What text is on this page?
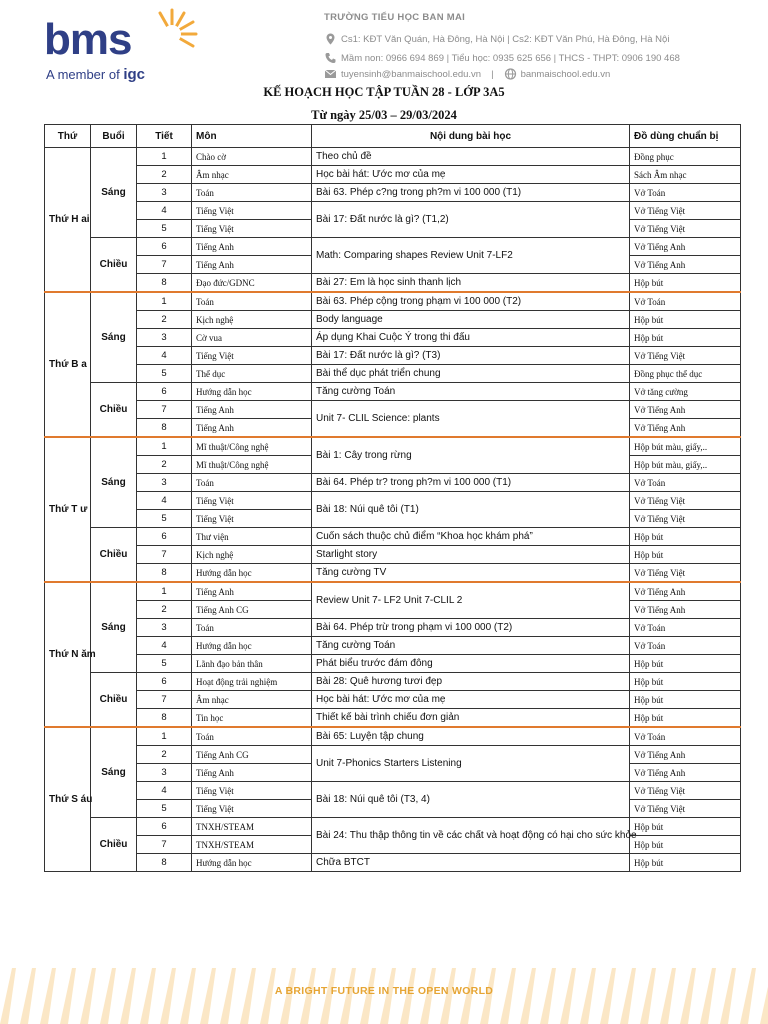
bms
A member of igc
TRƯỜNG TIỂU HỌC BAN MAI
Cs1: KĐT Văn Quán, Hà Đông, Hà Nội | Cs2: KĐT Văn Phú, Hà Đông, Hà Nội
Mầm non: 0966 694 869 | Tiểu học: 0935 625 656 | THCS - THPT: 0906 190 468
tuyensinh@banmaischool.edu.vn |	banmaischool.edu.vn
KẾ HOẠCH HỌC TẬP TUẦN 28 - LỚP 3A5
Từ ngày 25/03 – 29/03/2024
Thứ	Buổi	Tiết	Môn	Nội dung bài học	Đồ dùng chuẩn bị
Thứ H ai	Sáng	1	Chào cờ	Theo chủ đề	Đồng phục
		2	Âm nhạc	Học bài hát: Ước mơ của mẹ	Sách Âm nhạc
		3	Toán	Bài 63. Phép c?ng trong ph?m vi 100 000 (T1)	Vở Toán
		4	Tiếng Việt	Bài 17: Đất nước là gì? (T1,2)	Vở Tiếng Việt
		5	Tiếng Việt		Vở Tiếng Việt
	Chiều	6	Tiếng Anh	Math: Comparing shapes Review Unit 7-LF2	Vở Tiếng Anh
		7	Tiếng Anh		Vở Tiếng Anh
		8	Đạo đức/GDNC	Bài 27: Em là học sinh thanh lịch	Hộp bút
Thứ B a	Sáng	1	Toán	Bài 63. Phép cộng trong phạm vi 100 000 (T2)	Vở Toán
		2	Kịch nghệ	Body language	Hộp bút
		3	Cờ vua	Áp dụng Khai Cuộc Ý trong thi đấu	Hộp bút
		4	Tiếng Việt	Bài 17: Đất nước là gì? (T3)	Vở Tiếng Việt
		5	Thể dục	Bài thể dục phát triển chung	Đồng phục thể dục
	Chiều	6	Hướng dẫn học	Tăng cường Toán	Vở tăng cường
		7	Tiếng Anh	Unit 7- CLIL Science: plants	Vở Tiếng Anh
		8	Tiếng Anh		Vở Tiếng Anh
Thứ T ư	Sáng	1	Mĩ thuật/Công nghệ	Bài 1: Cây trong rừng	Hộp bút màu, giấy,..
		2	Mĩ thuật/Công nghệ		Hộp bút màu, giấy,..
		3	Toán	Bài 64. Phép tr? trong ph?m vi 100 000 (T1)	Vở Toán
		4	Tiếng Việt	Bài 18: Núi quê tôi (T1)	Vở Tiếng Việt
		5	Tiếng Việt		Vở Tiếng Việt
	Chiều	6	Thư viện	Cuốn sách thuộc chủ điểm “Khoa học khám phá”	Hộp bút
		7	Kịch nghệ	Starlight story	Hộp bút
		8	Hướng dẫn học	Tăng cường TV	Vở Tiếng Việt
Thứ N ăm	Sáng	1	Tiếng Anh	Review Unit 7- LF2 Unit 7-CLIL 2	Vở Tiếng Anh
		2	Tiếng Anh CG		Vở Tiếng Anh
		3	Toán	Bài 64. Phép trừ trong phạm vi 100 000 (T2)	Vở Toán
		4	Hướng dẫn học	Tăng cường Toán	Vở Toán
		5	Lãnh đạo bản thân	Phát biểu trước đám đông	Hộp bút
	Chiều	6	Hoạt động trải nghiệm	Bài 28: Quê hương tươi đẹp	Hộp bút
		7	Âm nhạc	Học bài hát: Ước mơ của mẹ	Hộp bút
		8	Tin học	Thiết kế bài trình chiếu đơn giản	Hộp bút
Thứ S áu	Sáng	1	Toán	Bài 65: Luyện tập chung	Vở Toán
		2	Tiếng Anh CG	Unit 7-Phonics Starters Listening	Vở Tiếng Anh
		3	Tiếng Anh		Vở Tiếng Anh
		4	Tiếng Việt	Bài 18: Núi quê tôi (T3, 4)	Vở Tiếng Việt
		5	Tiếng Việt		Vở Tiếng Việt
	Chiều	6	TNXH/STEAM	Bài 24: Thu thập thông tin về các chất và hoạt động có hại cho sức khỏe	Hộp bút
		7	TNXH/STEAM		Hộp bút
		8	Hướng dẫn học	Chữa BTCT	Hộp bút
A BRIGHT FUTURE IN THE OPEN WORLD
